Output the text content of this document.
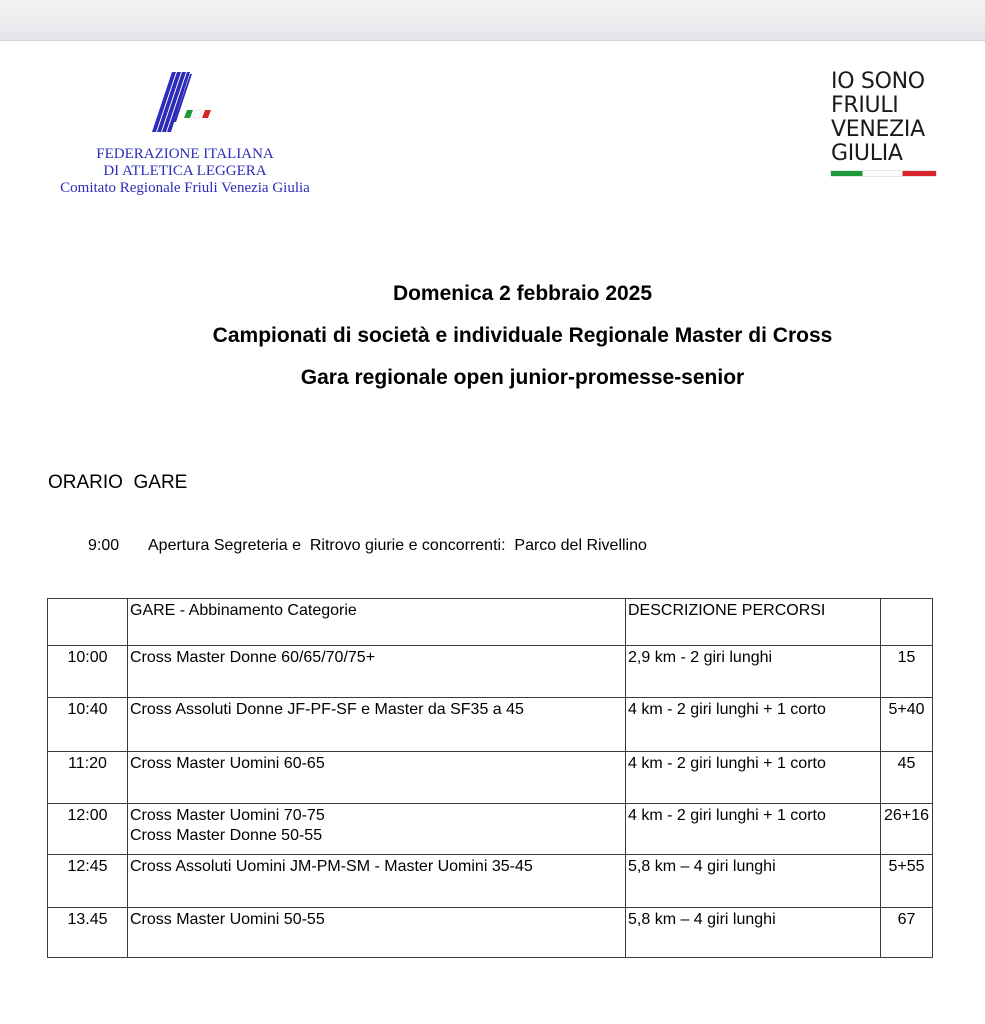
FEDERAZIONE ITALIANA
DI ATLETICA LEGGERA
Comitato Regionale Friuli Venezia Giulia
IO SONO
FRIULI
VENEZIA
GIULIA
Domenica 2 febbraio 2025
Campionati di società e individuale Regionale Master di Cross
Gara regionale open junior-promesse-senior
ORARIO  GARE
9:00 Apertura Segreteria e  Ritrovo giurie e concorrenti:  Parco del Rivellino
	GARE - Abbinamento Categorie	DESCRIZIONE PERCORSI	
10:00	Cross Master Donne 60/65/70/75+	2,9 km - 2 giri lunghi	15
10:40	Cross Assoluti Donne JF-PF-SF e Master da SF35 a 45	4 km - 2 giri lunghi + 1 corto	5+40
11:20	Cross Master Uomini 60-65	4 km - 2 giri lunghi + 1 corto	45
12:00	Cross Master Uomini 70-75
Cross Master Donne 50-55	4 km - 2 giri lunghi + 1 corto	26+16
12:45	Cross Assoluti Uomini JM-PM-SM - Master Uomini 35-45	5,8 km – 4 giri lunghi	5+55
13.45	Cross Master Uomini 50-55	5,8 km – 4 giri lunghi	67
